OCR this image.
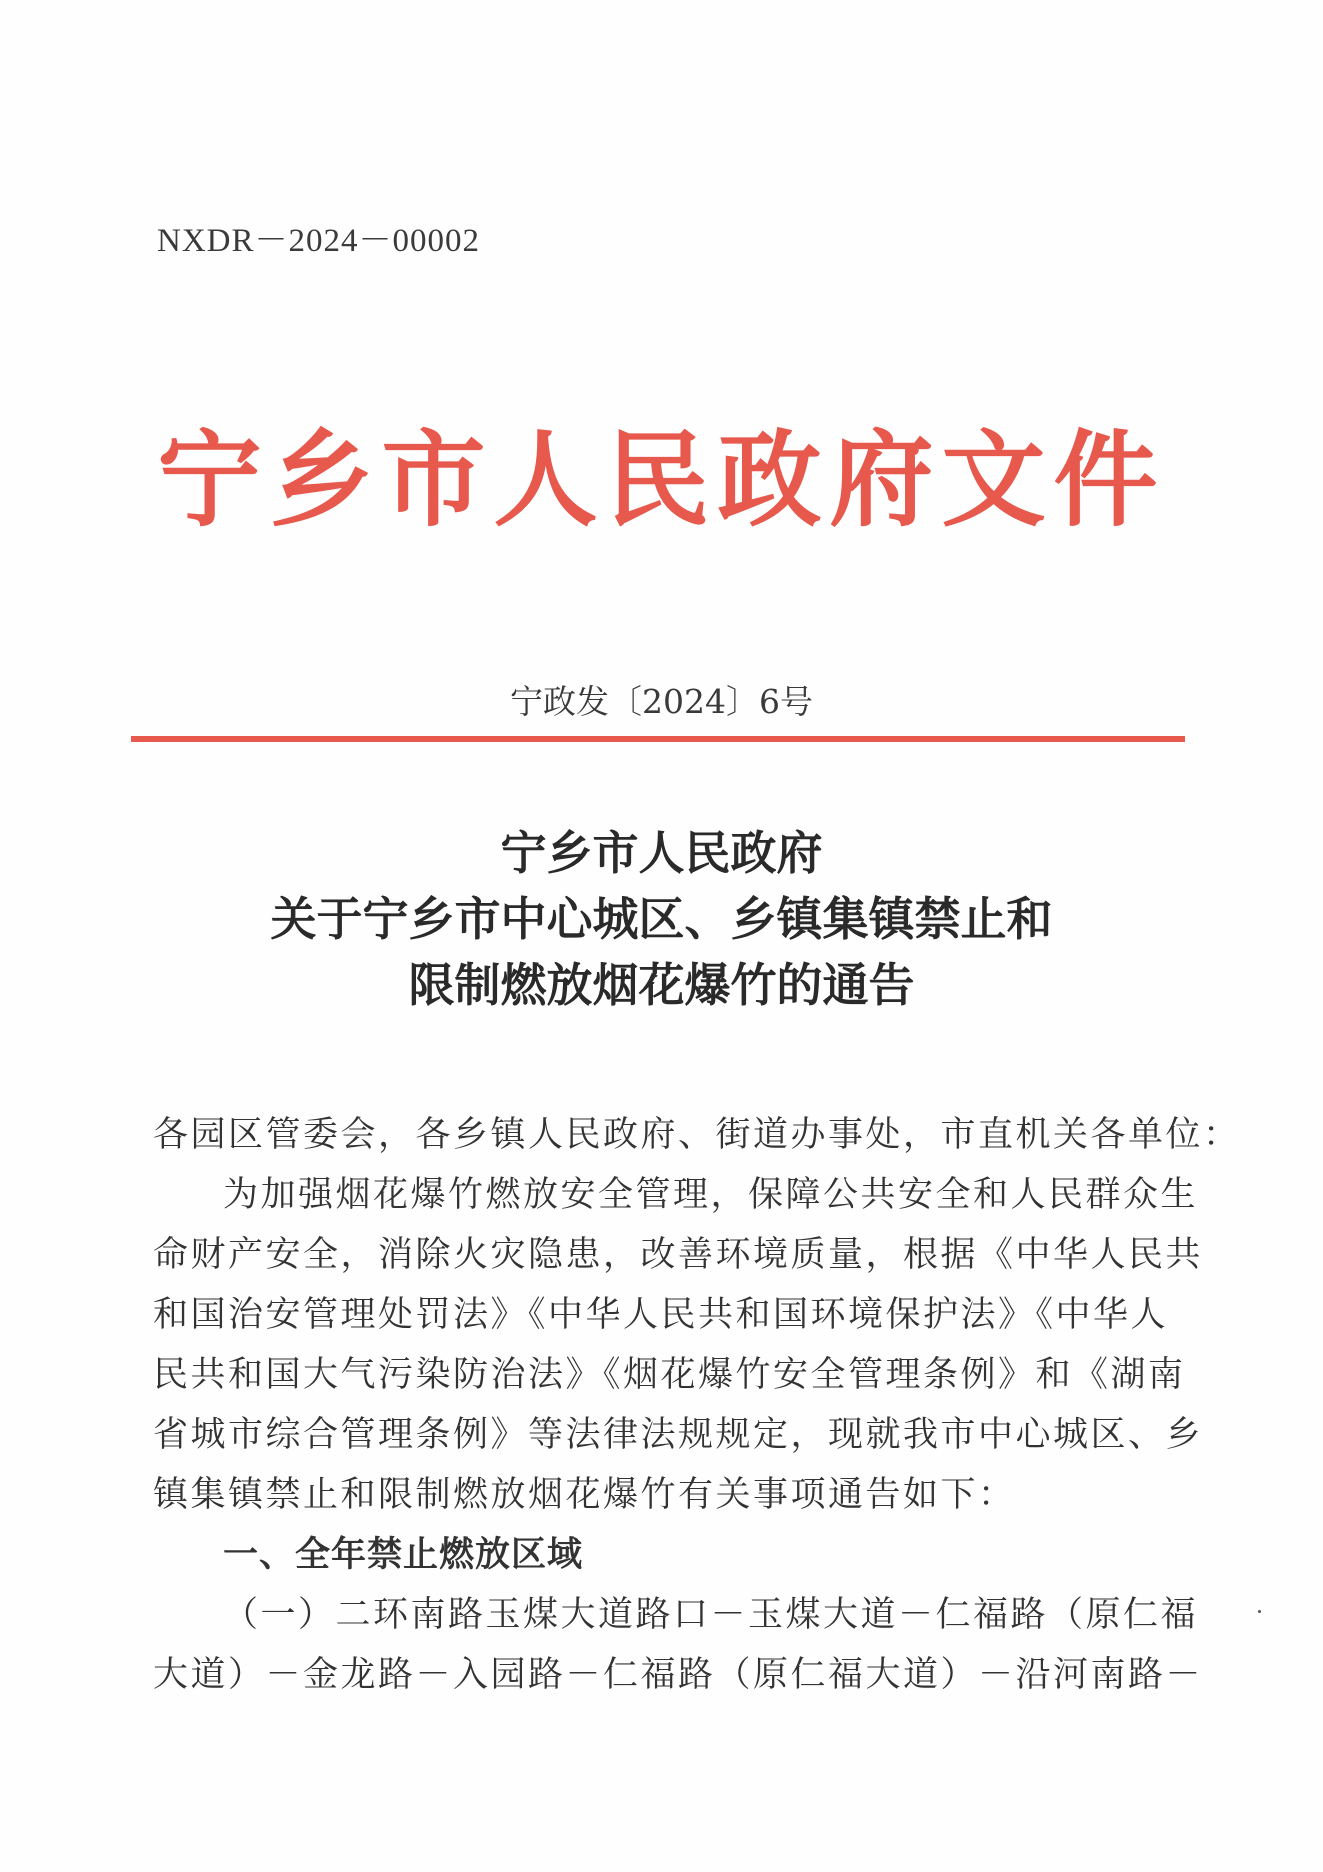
NXDR－2024－00002
宁乡市人民政府文件
宁政发〔2024〕6号
宁乡市人民政府
关于宁乡市中心城区、乡镇集镇禁止和
限制燃放烟花爆竹的通告
各园区管委会，各乡镇人民政府、街道办事处，市直机关各单位：
为加强烟花爆竹燃放安全管理，保障公共安全和人民群众生
命财产安全，消除火灾隐患，改善环境质量，根据《中华人民共
和国治安管理处罚法》《中华人民共和国环境保护法》《中华人
民共和国大气污染防治法》《烟花爆竹安全管理条例》和《湖南
省城市综合管理条例》等法律法规规定，现就我市中心城区、乡
镇集镇禁止和限制燃放烟花爆竹有关事项通告如下：
一、全年禁止燃放区域
（一）二环南路玉煤大道路口－玉煤大道－仁福路（原仁福
大道）－金龙路－入园路－仁福路（原仁福大道）－沿河南路－
